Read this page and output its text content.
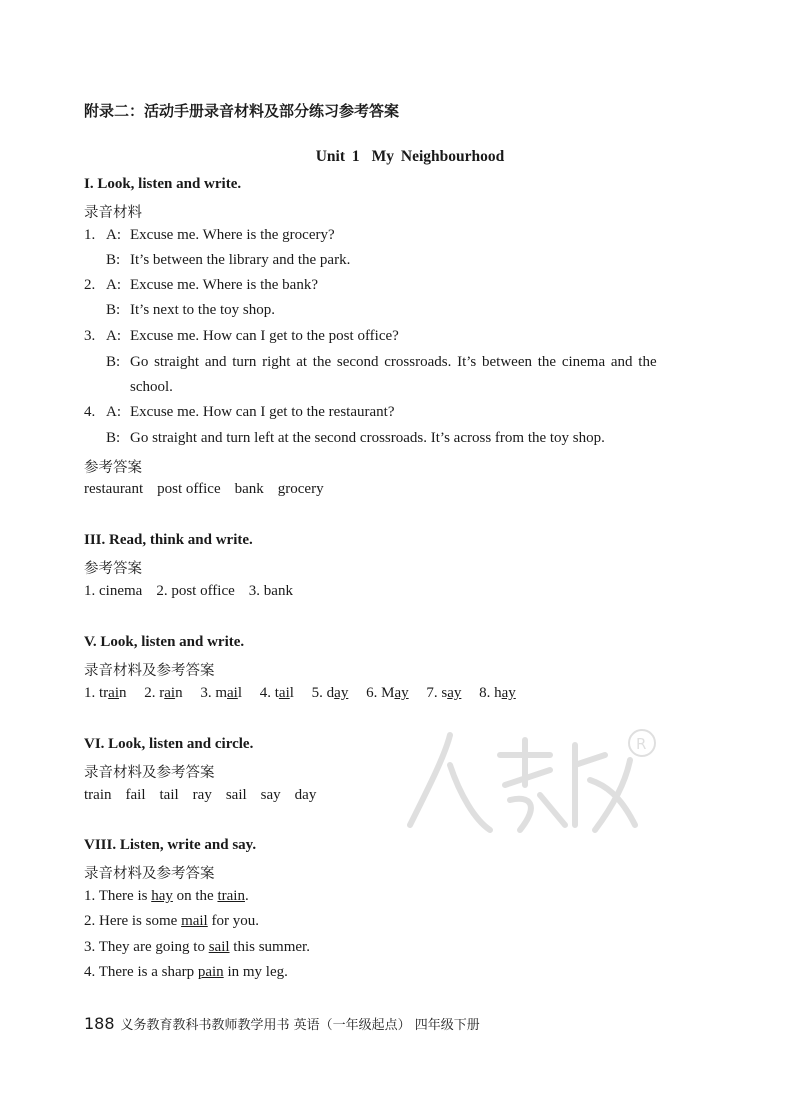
附录二：活动手册录音材料及部分练习参考答案
Unit 1 My Neighbourhood
I. Look, listen and write.
录音材料
1. A: Excuse me. Where is the grocery?
B: It’s between the library and the park.
2. A: Excuse me. Where is the bank?
B: It’s next to the toy shop.
3. A: Excuse me. How can I get to the post office?
B: Go straight and turn right at the second crossroads. It’s between the cinema and the
school.
4. A: Excuse me. How can I get to the restaurant?
B: Go straight and turn left at the second crossroads. It’s across from the toy shop.
参考答案
restaurant post office bank grocery
III. Read, think and write.
参考答案
1. cinema 2. post office 3. bank
V. Look, listen and write.
录音材料及参考答案
1. train 2. rain 3. mail 4. tail 5. day 6. May 7. say 8. hay
VI. Look, listen and circle.
录音材料及参考答案
train fail tail ray sail say day
VIII. Listen, write and say.
录音材料及参考答案
1. There is hay on the train.
2. Here is some mail for you.
3. They are going to sail this summer.
4. There is a sharp pain in my leg.
188 义务教育教科书教师教学用书 英语（一年级起点） 四年级下册
R
